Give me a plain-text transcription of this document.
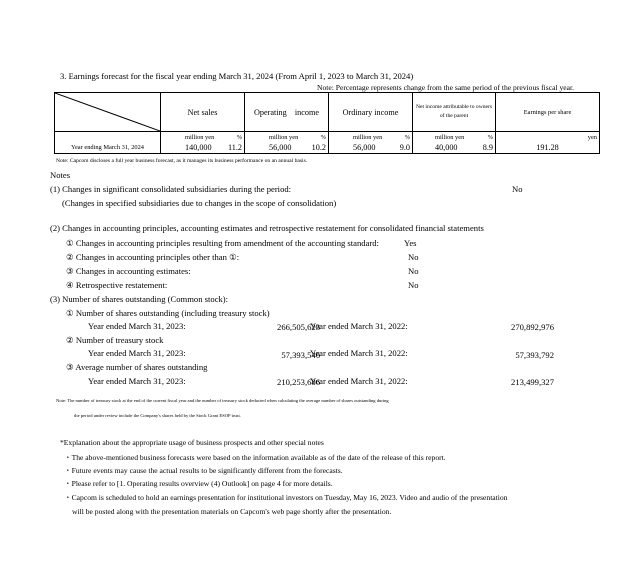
3. Earnings forecast for the fiscal year ending March 31, 2024 (From April 1, 2023 to March 31, 2024)
Note: Percentage represents change from the same period of the previous fiscal year.
	Net sales	Operating　income	Ordinary income	Net income attributable to owners of the parent	Earnings per share

	million yen %	million yen %	million yen %	million yen %	yen
Year ending March 31, 2024	140,000 11.2	56,000 10.2	56,000 9.0	40,000 8.9	191.28
Note: Capcom discloses a full year business forecast, as it manages its business performance on an annual basis.
Notes
(1) Changes in significant consolidated subsidiaries during the period:	No
(Changes in specified subsidiaries due to changes in the scope of consolidation)
(2) Changes in accounting principles, accounting estimates and retrospective restatement for consolidated financial statements
① Changes in accounting principles resulting from amendment of the accounting standard:	Yes
② Changes in accounting principles other than ①:	No
③ Changes in accounting estimates:	No
④ Retrospective restatement:	No
(3) Number of shares outstanding (Common stock):
① Number of shares outstanding (including treasury stock)
Year ended March 31, 2023:	266,505,623
Year ended March 31, 2022:	270,892,976
② Number of treasury stock
Year ended March 31, 2023:	57,393,546
Year ended March 31, 2022:	57,393,792
③ Average number of shares outstanding
Year ended March 31, 2023:	210,253,686
Year ended March 31, 2022:	213,499,327
Note: The number of treasury stock at the end of the current fiscal year and the number of treasury stock deducted when calculating the average number of shares outstanding during
the period under review include the Company's shares held by the Stock Grant ESOP trust.
*Explanation about the appropriate usage of business prospects and other special notes
・The above-mentioned business forecasts were based on the information available as of the date of the release of this report.
・Future events may cause the actual results to be significantly different from the forecasts.
・Please refer to [1. Operating results overview (4) Outlook] on page 4 for more details.
・Capcom is scheduled to hold an earnings presentation for institutional investors on Tuesday, May 16, 2023. Video and audio of the presentation
will be posted along with the presentation materials on Capcom's web page shortly after the presentation.
